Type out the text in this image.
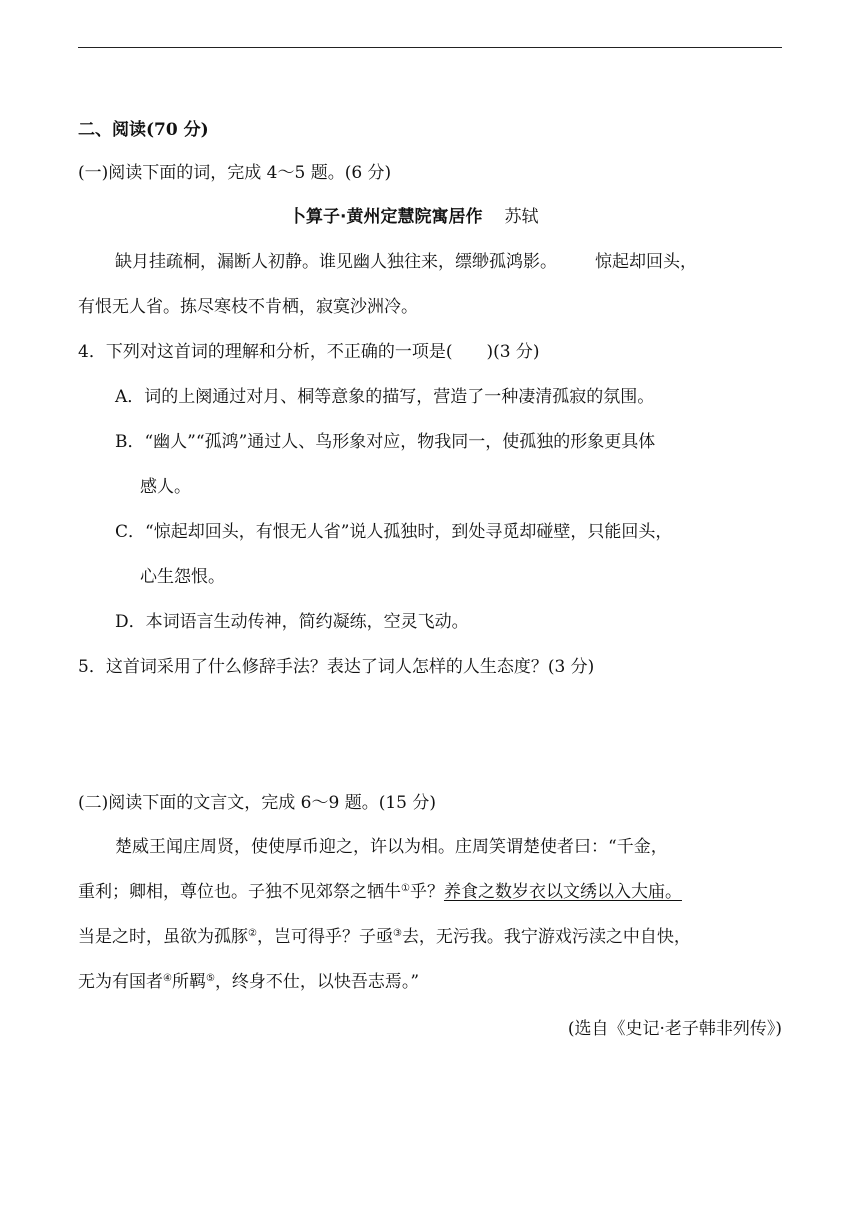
二、阅读(70 分)
(一)阅读下面的词，完成 4～5 题。(6 分)
卜算子·黄州定慧院寓居作 苏轼
缺月挂疏桐，漏断人初静。谁见幽人独往来，缥缈孤鸿影。 惊起却回头，
有恨无人省。拣尽寒枝不肯栖，寂寞沙洲冷。
4．下列对这首词的理解和分析，不正确的一项是(　　)(3 分)
A．词的上阕通过对月、桐等意象的描写，营造了一种凄清孤寂的氛围。
B．“幽人”“孤鸿”通过人、鸟形象对应，物我同一，使孤独的形象更具体
感人。
C．“惊起却回头，有恨无人省”说人孤独时，到处寻觅却碰壁，只能回头，
心生怨恨。
D．本词语言生动传神，简约凝练，空灵飞动。
5．这首词采用了什么修辞手法？表达了词人怎样的人生态度？(3 分)
(二)阅读下面的文言文，完成 6～9 题。(15 分)
楚威王闻庄周贤，使使厚币迎之，许以为相。庄周笑谓楚使者曰：“千金，
重利；卿相，尊位也。子独不见郊祭之牺牛①乎？养食之数岁衣以文绣以入大庙。
当是之时，虽欲为孤豚②，岂可得乎？子亟③去，无污我。我宁游戏污渎之中自快，
无为有国者④所羁⑤，终身不仕，以快吾志焉。”
(选自《史记·老子韩非列传》)
